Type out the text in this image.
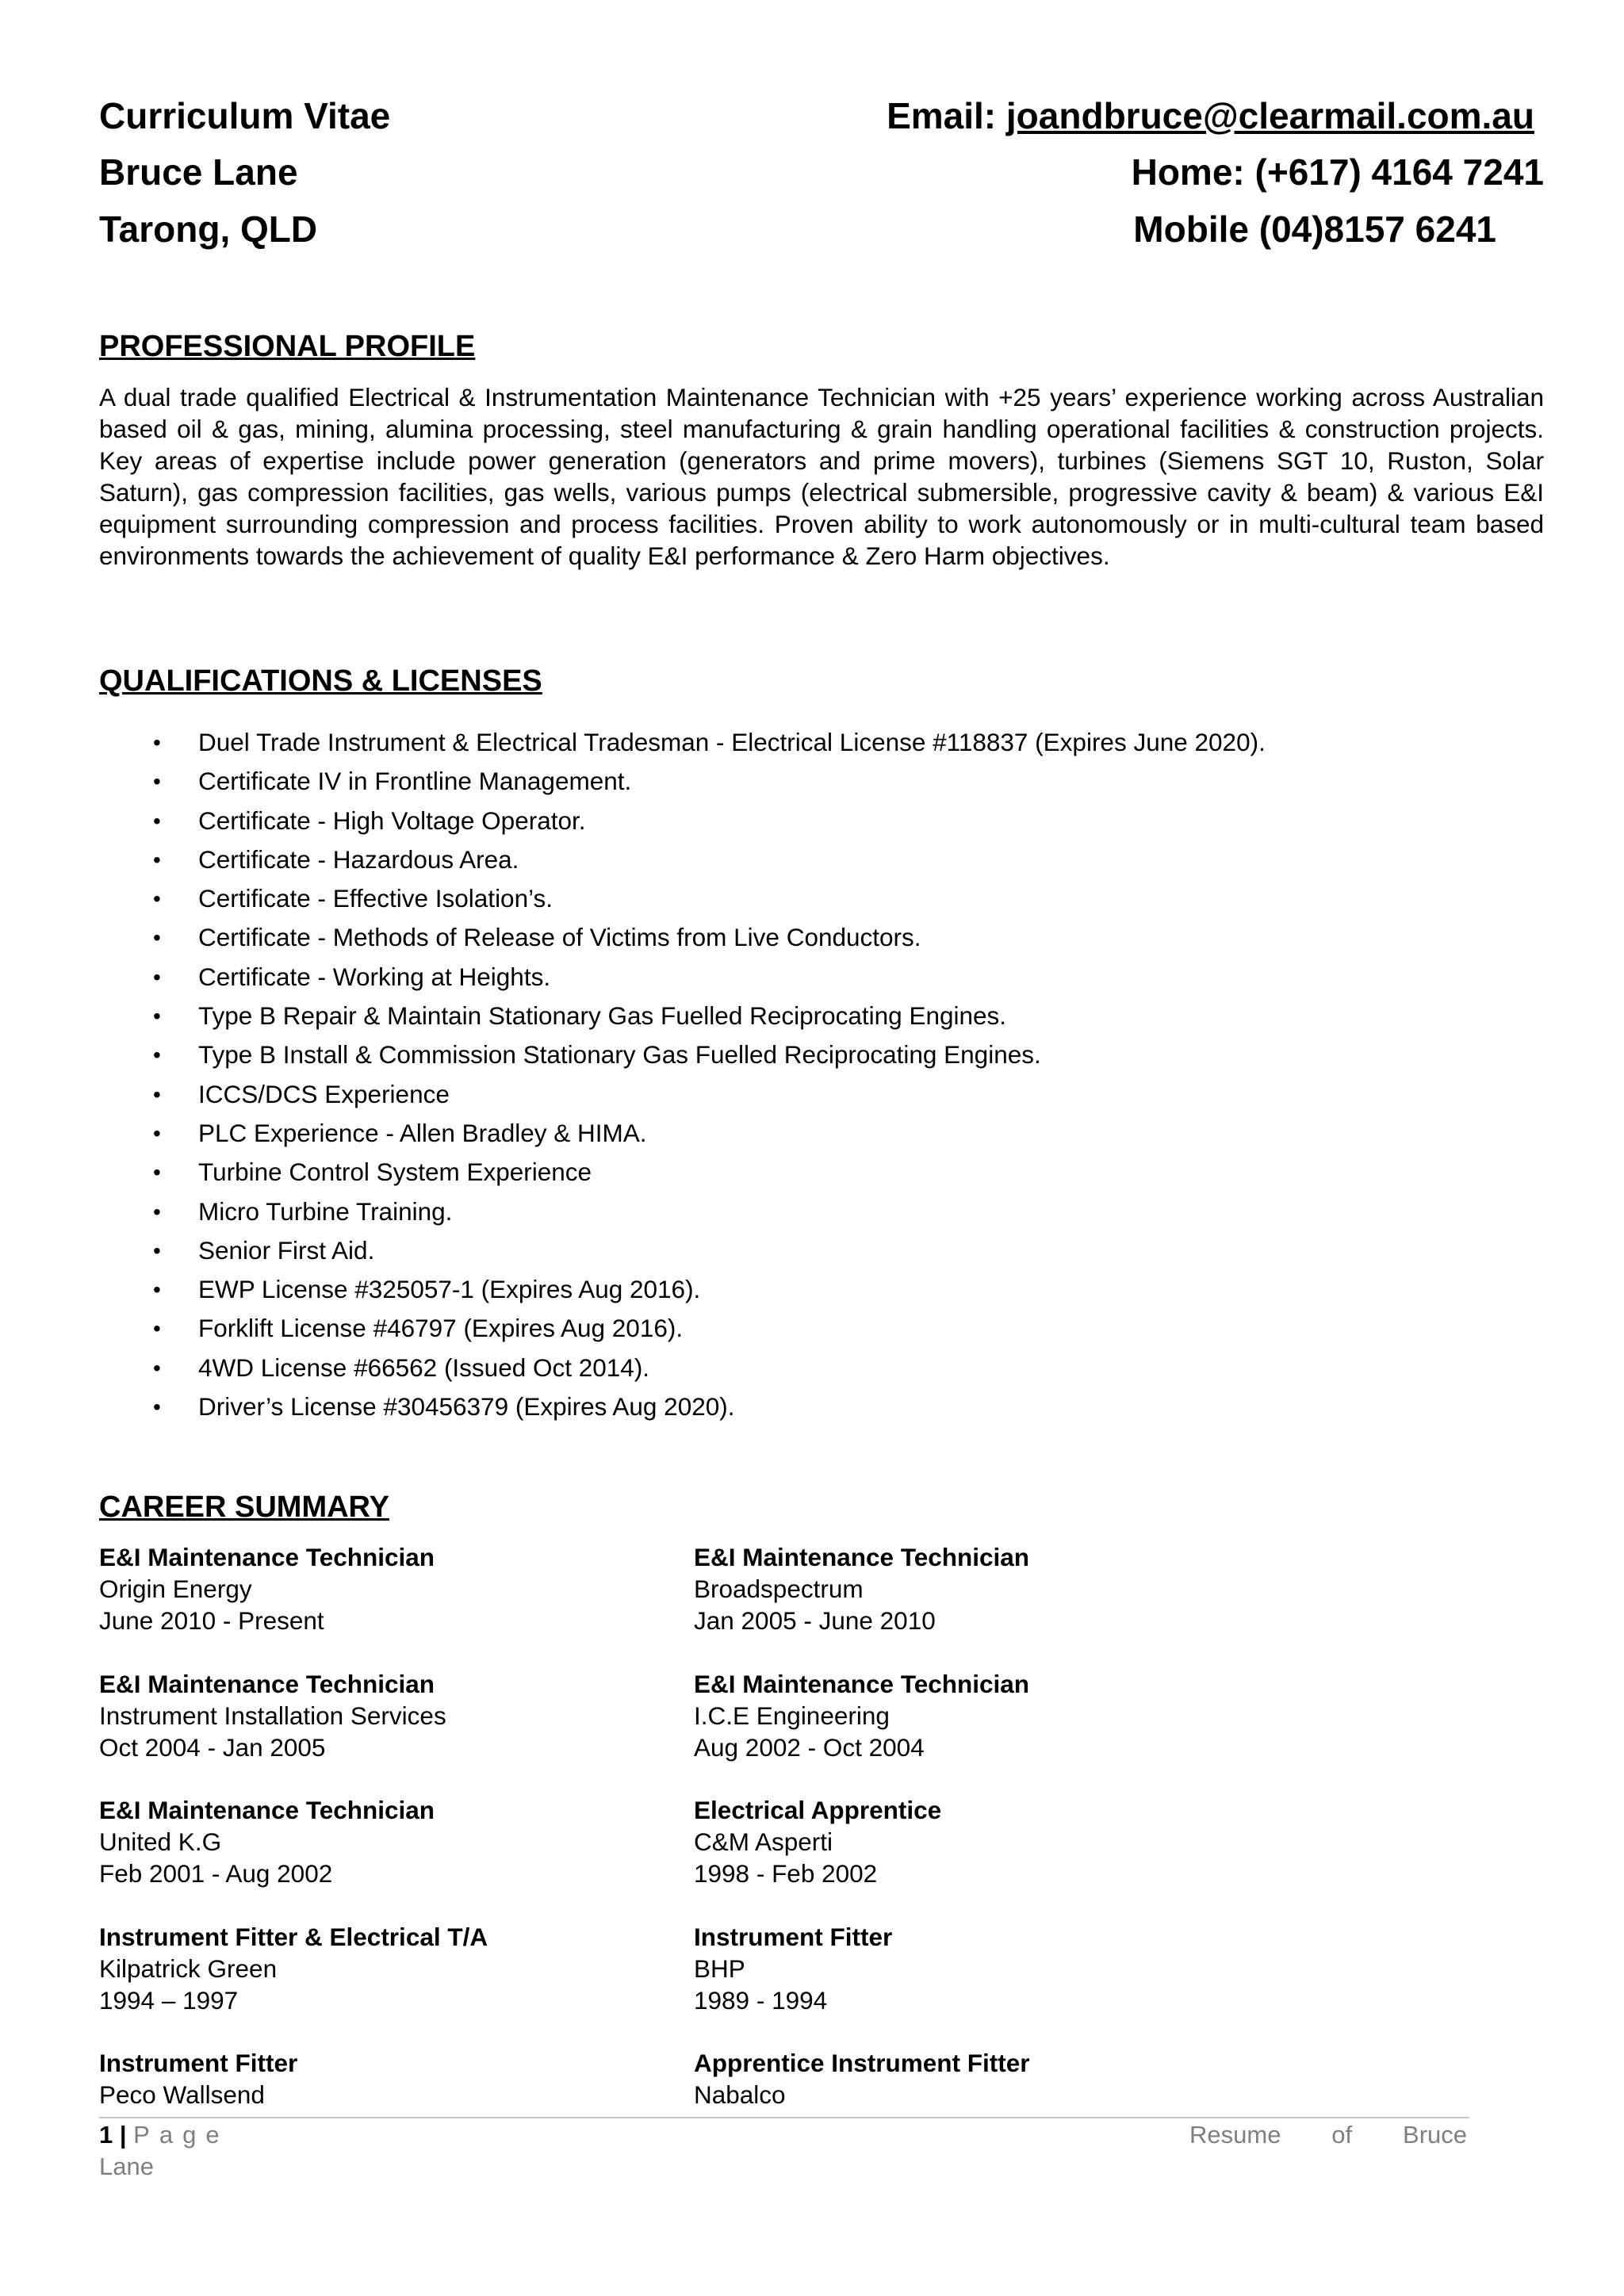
Curriculum Vitae
Bruce Lane
Tarong, QLD
Email: joandbruce@clearmail.com.au
Home: (+617) 4164 7241
Mobile (04)8157 6241
PROFESSIONAL PROFILE
A dual trade qualified Electrical & Instrumentation Maintenance Technician with +25 years’ experience working across Australian based oil & gas, mining, alumina processing, steel manufacturing & grain handling operational facilities & construction projects. Key areas of expertise include power generation (generators and prime movers), turbines (Siemens SGT 10, Ruston, Solar Saturn), gas compression facilities, gas wells, various pumps (electrical submersible, progressive cavity & beam) & various E&I equipment surrounding compression and process facilities. Proven ability to work autonomously or in multi-cultural team based environments towards the achievement of quality E&I performance & Zero Harm objectives.
QUALIFICATIONS & LICENSES
• Duel Trade Instrument & Electrical Tradesman - Electrical License #118837 (Expires June 2020).
• Certificate IV in Frontline Management.
• Certificate - High Voltage Operator.
• Certificate - Hazardous Area.
• Certificate - Effective Isolation’s.
• Certificate - Methods of Release of Victims from Live Conductors.
• Certificate - Working at Heights.
• Type B Repair & Maintain Stationary Gas Fuelled Reciprocating Engines.
• Type B Install & Commission Stationary Gas Fuelled Reciprocating Engines.
• ICCS/DCS Experience
• PLC Experience - Allen Bradley & HIMA.
• Turbine Control System Experience
• Micro Turbine Training.
• Senior First Aid.
• EWP License #325057-1 (Expires Aug 2016).
• Forklift License #46797 (Expires Aug 2016).
• 4WD License #66562 (Issued Oct 2014).
• Driver’s License #30456379 (Expires Aug 2020).
CAREER SUMMARY
E&I Maintenance Technician
Origin Energy
June 2010 - Present
E&I Maintenance Technician
Broadspectrum
Jan 2005 - June 2010
E&I Maintenance Technician
Instrument Installation Services
Oct 2004 - Jan 2005
E&I Maintenance Technician
I.C.E Engineering
Aug 2002 - Oct 2004
E&I Maintenance Technician
United K.G
Feb 2001 - Aug 2002
Electrical Apprentice
C&M Asperti
1998 - Feb 2002
Instrument Fitter & Electrical T/A
Kilpatrick Green
1994 – 1997
Instrument Fitter
BHP
1989 - 1994
Instrument Fitter
Peco Wallsend
Apprentice Instrument Fitter
Nabalco
1 | Page	Resume of Bruce
Lane
